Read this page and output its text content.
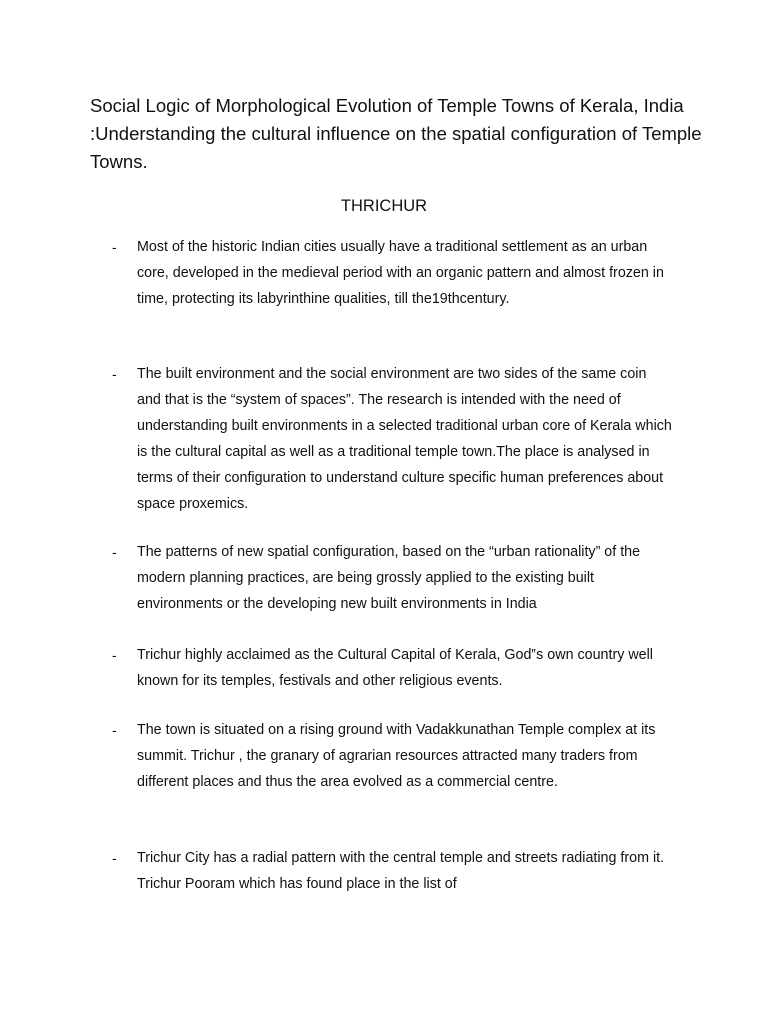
Social Logic of Morphological Evolution of Temple Towns of Kerala, India :Understanding the cultural influence on the spatial configuration of Temple Towns.
THRICHUR
- Most of the historic Indian cities usually have a traditional settlement as an urban core, developed in the medieval period with an organic pattern and almost frozen in time, protecting its labyrinthine qualities, till the19thcentury.

- The built environment and the social environment are two sides of the same coin and that is the “system of spaces”. The research is intended with the need of understanding built environments in a selected traditional urban core of Kerala which is the cultural capital as well as a traditional temple town.The place is analysed in terms of their configuration to understand culture specific human preferences about space proxemics.

- The patterns of new spatial configuration, based on the “urban rationality” of the modern planning practices, are being grossly applied to the existing built environments or the developing new built environments in India

- Trichur highly acclaimed as the Cultural Capital of Kerala, God‟s own country well known for its temples, festivals and other religious events.

- The town is situated on a rising ground with Vadakkunathan Temple complex at its summit. Trichur , the granary of agrarian resources attracted many traders from different places and thus the area evolved as a commercial centre.

- Trichur City has a radial pattern with the central temple and streets radiating from it. Trichur Pooram which has found place in the list of
